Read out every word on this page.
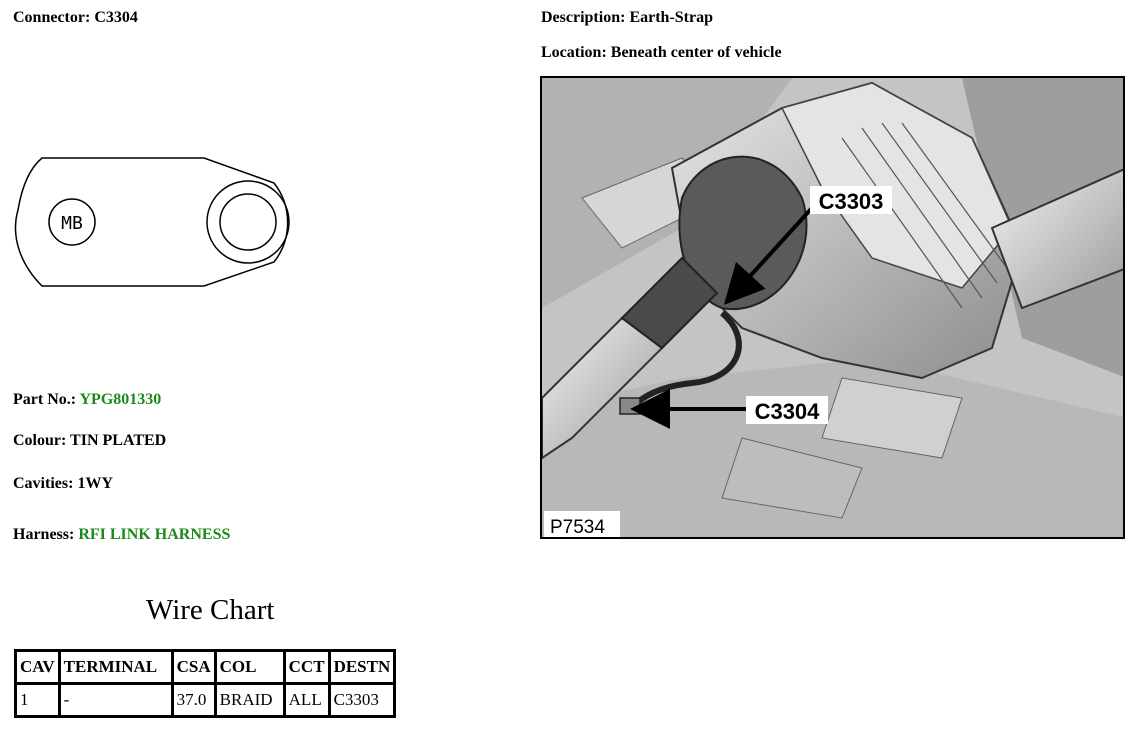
Connector: C3304	Description: Earth-Strap
Location: Beneath center of vehicle
MB
C3303
C3304
P7534
Part No.: YPG801330
Colour: TIN PLATED
Cavities: 1WY
Harness: RFI LINK HARNESS
Wire Chart
CAV	TERMINAL	CSA	COL	CCT	DESTN
1	-	37.0	BRAID	ALL	C3303
